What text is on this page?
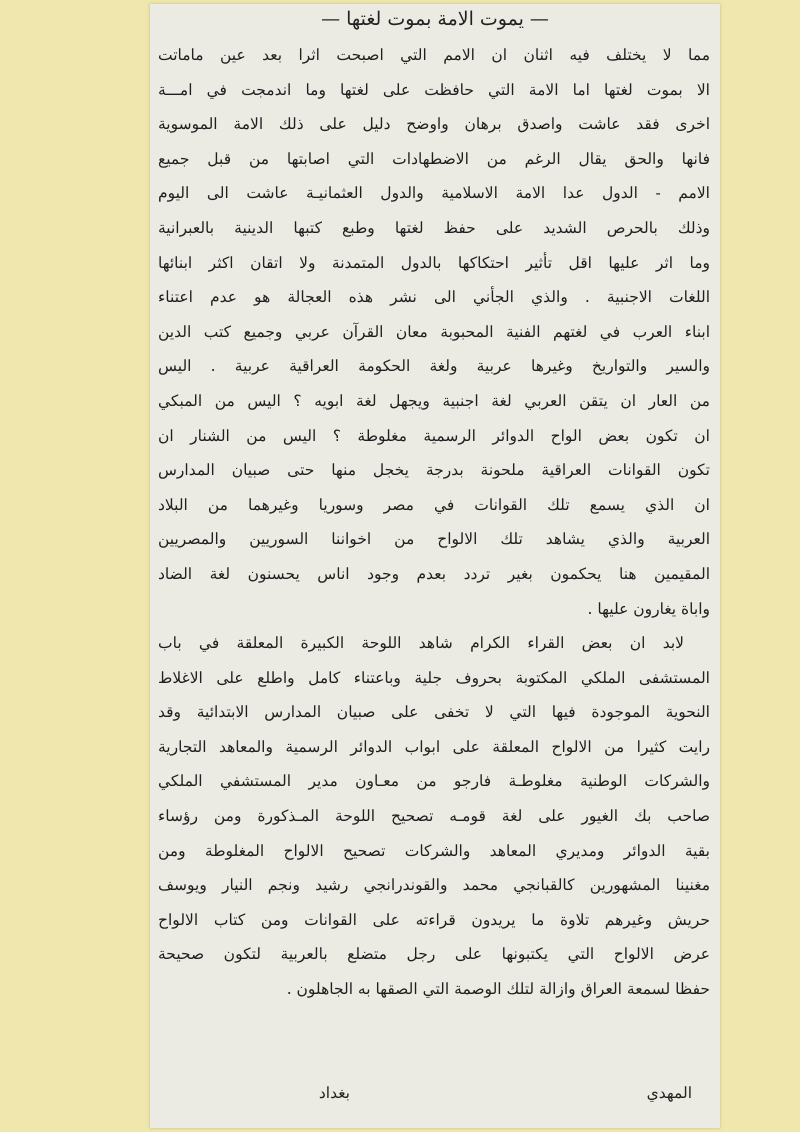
— يموت الامة بموت لغتها —
مما لا يختلف فيه اثنان ان الامم التي اصبحت اثرا بعد عين ماماتت
الا بموت لغتها اما الامة التي حافظت على لغتها وما اندمجت في امـــة
اخرى فقد عاشت واصدق برهان واوضح دليل على ذلك الامة الموسوية
فانها والحق يقال الرغم من الاضطهادات التي اصابتها من قبل جميع
الامم - الدول عدا الامة الاسلامية والدول العثمانيـة عاشت الى اليوم
وذلك بالحرص الشديد على حفظ لغتها وطبع كتبها الدينية بالعبرانية
وما اثر عليها اقل تأثير احتكاكها بالدول المتمدنة ولا اتقان اكثر ابنائها
اللغات الاجنبية . والذي الجأني الى نشر هذه العجالة هو عدم اعتناء
ابناء العرب في لغتهم الفنية المحبوبة معان القرآن عربي وجميع كتب الدين
والسير والتواريخ وغيرها عربية ولغة الحكومة العراقية عربية . اليس
من العار ان يتقن العربي لغة اجنبية ويجهل لغة ابويه ؟ اليس من المبكي
ان تكون بعض الواح الدوائر الرسمية مغلوطة ؟ اليس من الشنار ان
تكون القوانات العراقية ملحونة بدرجة يخجل منها حتى صبيان المدارس
ان الذي يسمع تلك القوانات في مصر وسوريا وغيرهما من البلاد
العربية والذي يشاهد تلك الالواح من اخواننا السوريين والمصريين
المقيمين هنا يحكمون بغير تردد بعدم وجود اناس يحسنون لغة الضاد
واباة يغارون عليها .
لابد ان بعض القراء الكرام شاهد اللوحة الكبيرة المعلقة في باب
المستشفى الملكي المكتوبة بحروف جلية وباعتناء كامل واطلع على الاغلاط
النحوية الموجودة فيها التي لا تخفى على صبيان المدارس الابتدائية وقد
رايت كثيرا من الالواح المعلقة على ابواب الدوائر الرسمية والمعاهد التجارية
والشركات الوطنية مغلوطـة فارجو من معـاون مدير المستشفي الملكي
صاحب بك الغيور على لغة قومـه تصحيح اللوحة المـذكورة ومن رؤساء
بقية الدوائر ومديري المعاهد والشركات تصحيح الالواح المغلوطة ومن
مغنينا المشهورين كالقبانجي محمد والقوندرانجي رشيد ونجم النيار ويوسف
حريش وغيرهم تلاوة ما يريدون قراءته على القوانات ومن كتاب الالواح
عرض الالواح التي يكتبونها على رجل متضلع بالعربية لتكون صحيحة
حفظا لسمعة العراق وازالة لتلك الوصمة التي الصقها به الجاهلون .
بغداد	المهدي
